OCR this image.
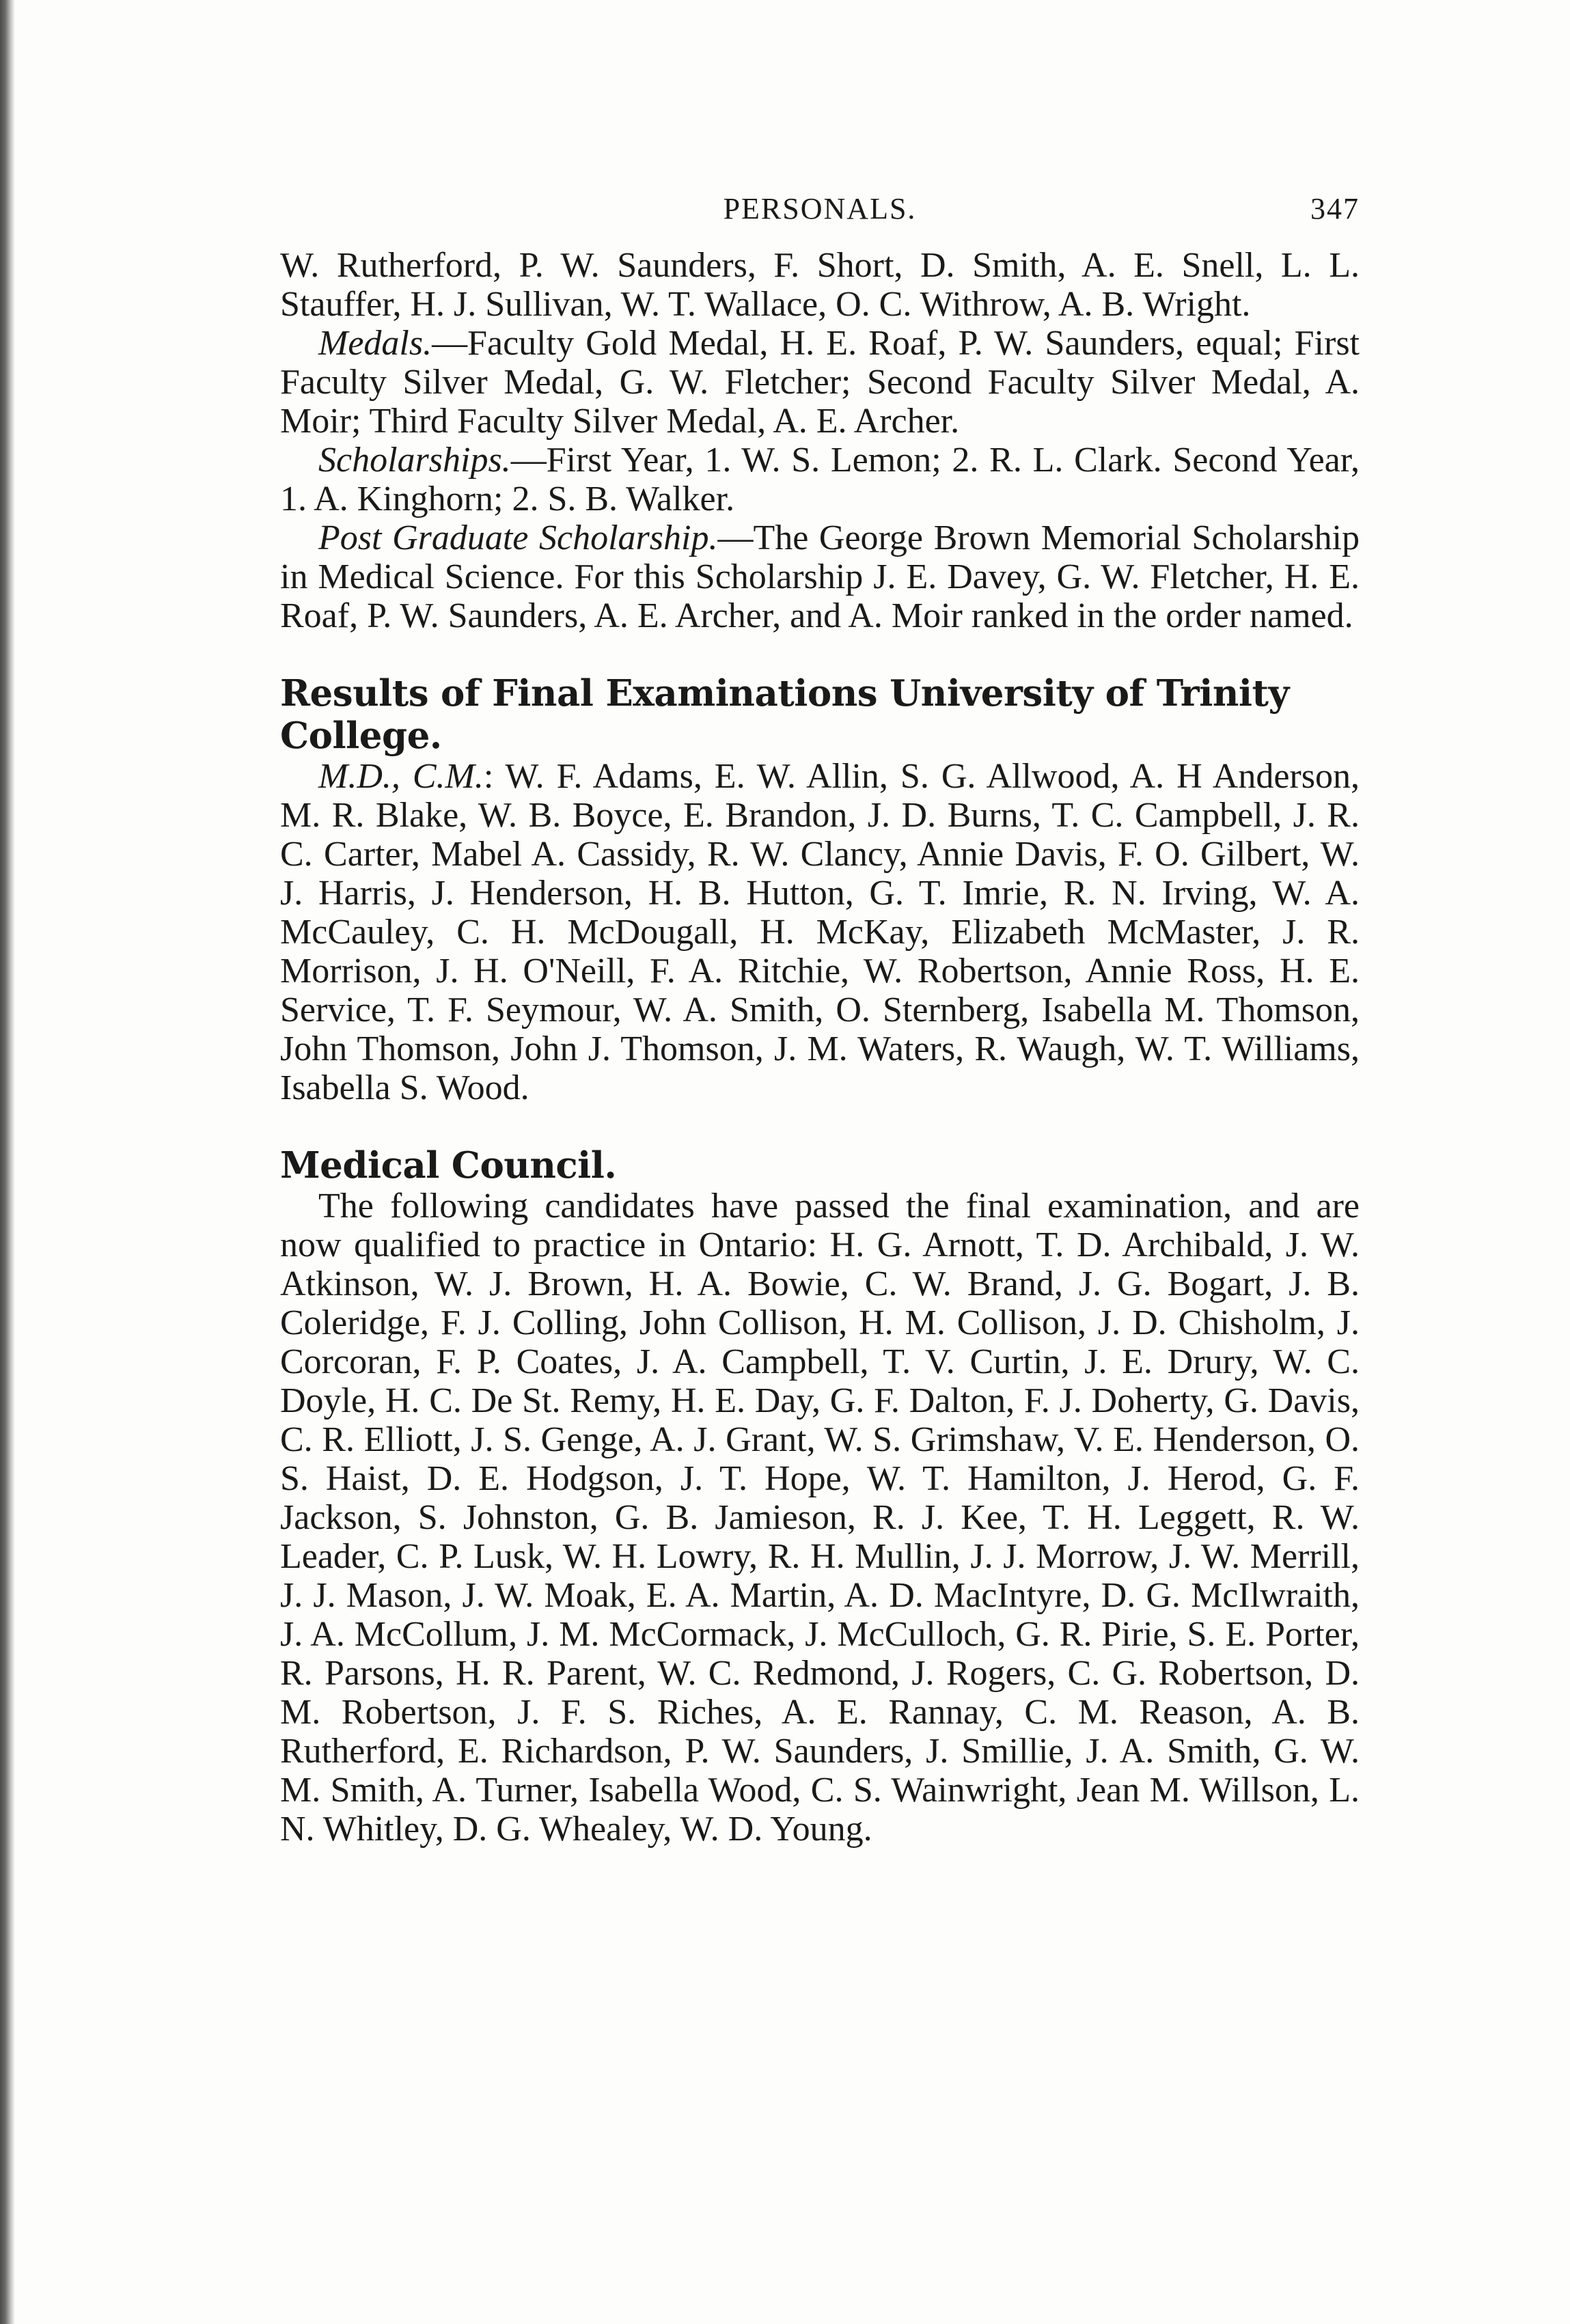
PERSONALS.	347

W. Rutherford, P. W. Saunders, F. Short, D. Smith, A. E. Snell, L. L. Stauffer, H. J. Sullivan, W. T. Wallace, O. C. Withrow, A. B. Wright.

Medals.—Faculty Gold Medal, H. E. Roaf, P. W. Saunders, equal; First Faculty Silver Medal, G. W. Fletcher; Second Faculty Silver Medal, A. Moir; Third Faculty Silver Medal, A. E. Archer.

Scholarships.—First Year, 1. W. S. Lemon; 2. R. L. Clark. Second Year, 1. A. Kinghorn; 2. S. B. Walker.

Post Graduate Scholarship.—The George Brown Memorial Scholarship in Medical Science. For this Scholarship J. E. Davey, G. W. Fletcher, H. E. Roaf, P. W. Saunders, A. E. Archer, and A. Moir ranked in the order named.

Results of Final Examinations University of Trinity College.

M.D., C.M.: W. F. Adams, E. W. Allin, S. G. Allwood, A. H Anderson, M. R. Blake, W. B. Boyce, E. Brandon, J. D. Burns, T. C. Campbell, J. R. C. Carter, Mabel A. Cassidy, R. W. Clancy, Annie Davis, F. O. Gilbert, W. J. Harris, J. Henderson, H. B. Hutton, G. T. Imrie, R. N. Irving, W. A. McCauley, C. H. McDougall, H. McKay, Elizabeth McMaster, J. R. Morrison, J. H. O'Neill, F. A. Ritchie, W. Robertson, Annie Ross, H. E. Service, T. F. Seymour, W. A. Smith, O. Sternberg, Isabella M. Thomson, John Thomson, John J. Thomson, J. M. Waters, R. Waugh, W. T. Williams, Isabella S. Wood.

Medical Council.

The following candidates have passed the final examination, and are now qualified to practice in Ontario: H. G. Arnott, T. D. Archibald, J. W. Atkinson, W. J. Brown, H. A. Bowie, C. W. Brand, J. G. Bogart, J. B. Coleridge, F. J. Colling, John Collison, H. M. Collison, J. D. Chisholm, J. Corcoran, F. P. Coates, J. A. Campbell, T. V. Curtin, J. E. Drury, W. C. Doyle, H. C. De St. Remy, H. E. Day, G. F. Dalton, F. J. Doherty, G. Davis, C. R. Elliott, J. S. Genge, A. J. Grant, W. S. Grimshaw, V. E. Henderson, O. S. Haist, D. E. Hodgson, J. T. Hope, W. T. Hamilton, J. Herod, G. F. Jackson, S. Johnston, G. B. Jamieson, R. J. Kee, T. H. Leggett, R. W. Leader, C. P. Lusk, W. H. Lowry, R. H. Mullin, J. J. Morrow, J. W. Merrill, J. J. Mason, J. W. Moak, E. A. Martin, A. D. MacIntyre, D. G. McIlwraith, J. A. McCollum, J. M. McCormack, J. McCulloch, G. R. Pirie, S. E. Porter, R. Parsons, H. R. Parent, W. C. Redmond, J. Rogers, C. G. Robertson, D. M. Robertson, J. F. S. Riches, A. E. Rannay, C. M. Reason, A. B. Rutherford, E. Richardson, P. W. Saunders, J. Smillie, J. A. Smith, G. W. M. Smith, A. Turner, Isabella Wood, C. S. Wainwright, Jean M. Willson, L. N. Whitley, D. G. Whealey, W. D. Young.
